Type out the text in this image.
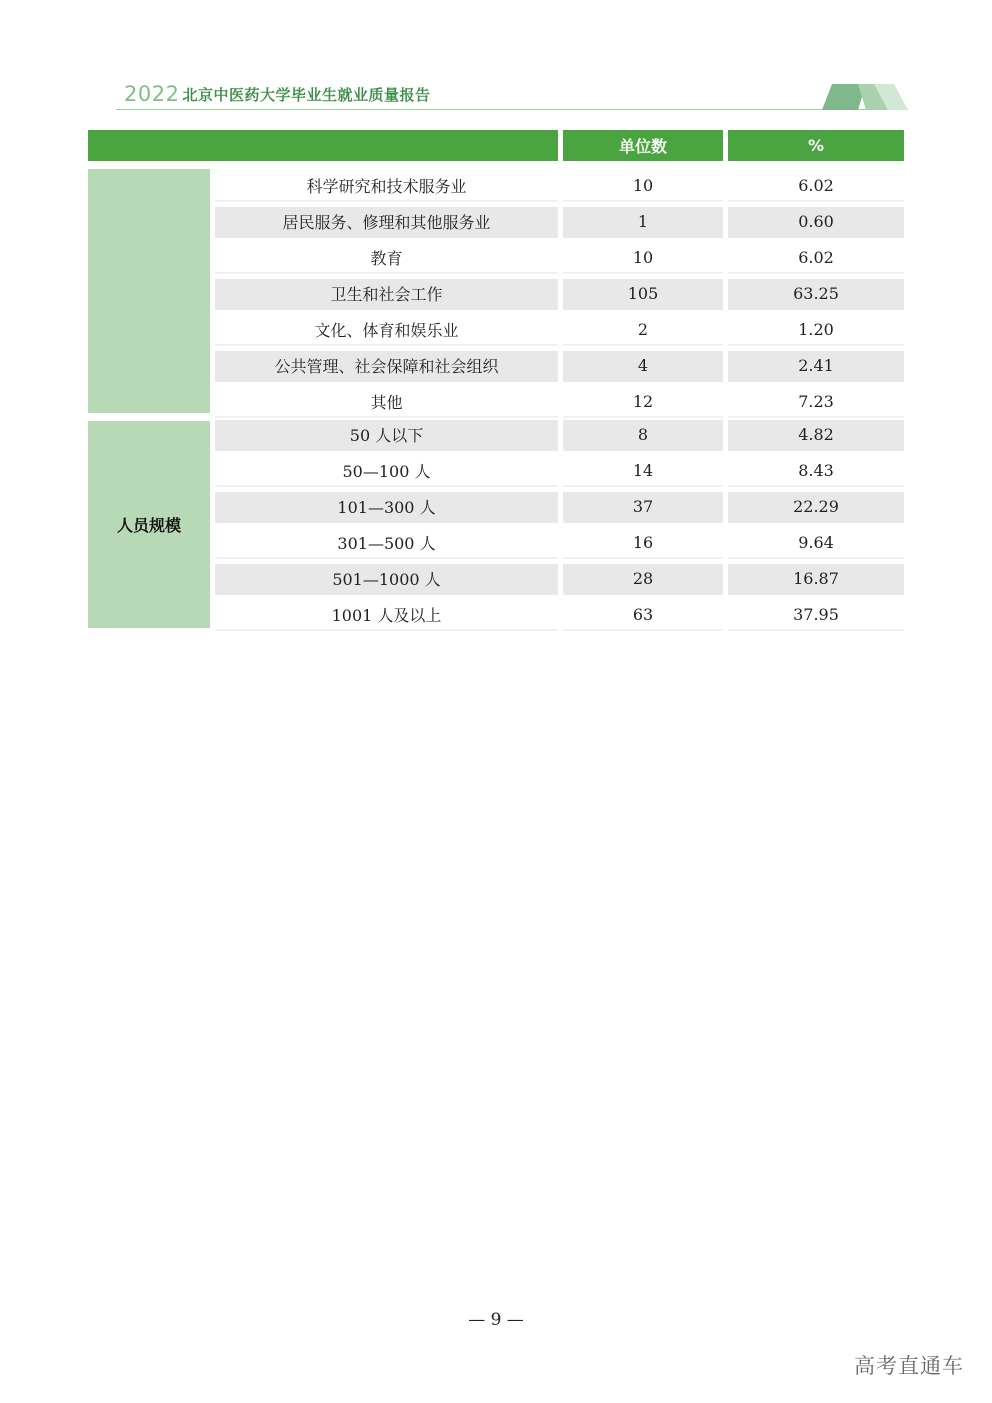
2022 北京中医药大学毕业生就业质量报告
单位数	%
科学研究和技术服务业	10	6.02
居民服务、修理和其他服务业	1	0.60
教育	10	6.02
卫生和社会工作	105	63.25
文化、体育和娱乐业	2	1.20
公共管理、社会保障和社会组织	4	2.41
其他	12	7.23
人员规模
50 人以下	8	4.82
50—100 人	14	8.43
101—300 人	37	22.29
301—500 人	16	9.64
501—1000 人	28	16.87
1001 人及以上	63	37.95
— 9 —
高考直通车
